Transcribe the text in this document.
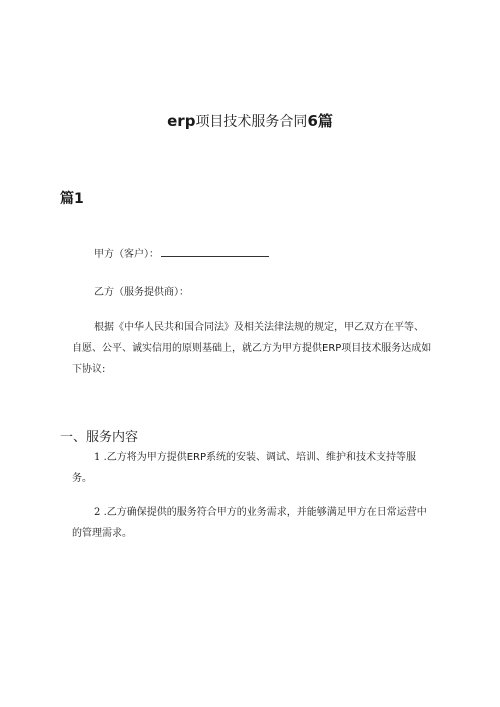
erp项目技术服务合同6篇
篇1
甲方（客户）：
乙方（服务提供商）：
根据《中华人民共和国合同法》及相关法律法规的规定，甲乙双方在平等、自愿、公平、诚实信用的原则基础上，就乙方为甲方提供ERP项目技术服务达成如下协议:
一、服务内容
1 .乙方将为甲方提供ERP系统的安装、调试、培训、维护和技术支持等服务。
2 .乙方确保提供的服务符合甲方的业务需求，并能够满足甲方在日常运营中的管理需求。
